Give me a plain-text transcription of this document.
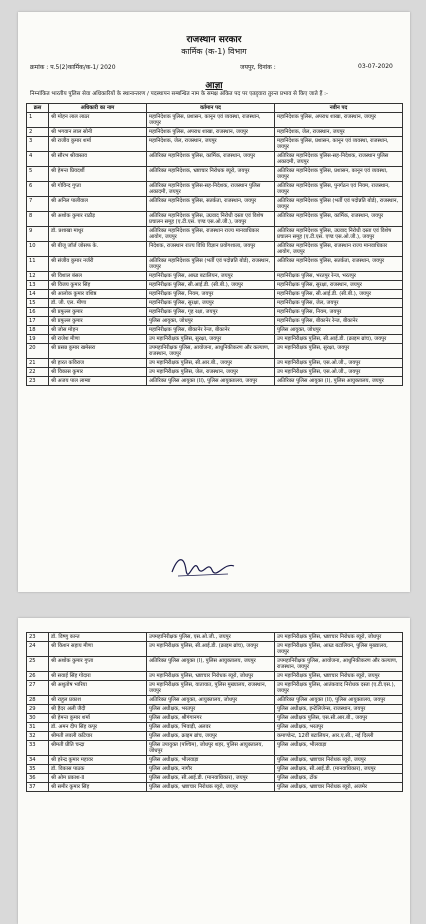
राजस्थान सरकार
कार्मिक (क-1) विभाग
क्रमांक : प.5(2)कार्मिक/क-1/ 2020	जयपुर, दिनांक :	03-07-2020
आज्ञा
निम्नांकित भारतीय पुलिस सेवा अधिकारियों के स्थानान्तरण / पदस्थापन सम्बन्धित नाम के समक्ष अंकित पद पर एतद्द्वारा तुरन्त प्रभाव से किए जाते हैं :-
क्रस	अधिकारी का नाम	वर्तमान पद	नवीन पद
1	श्री मोहन लाल लाठर	महानिदेशक पुलिस, प्रशासन, कानून एवं व्यवस्था, राजस्थान, जयपुर	महानिदेशक पुलिस, अपराध शाखा, राजस्थान, जयपुर
2	श्री भगवान लाल सोनी	महानिदेशक पुलिस, अपराध शाखा, राजस्थान, जयपुर	महानिदेशक, जेल, राजस्थान, जयपुर
3	श्री राजीव कुमार शर्मा	महानिदेशक, जेल, राजस्थान, जयपुर	महानिदेशक पुलिस, प्रशासन, कानून एवं व्यवस्था, राजस्थान, जयपुर
4	श्री सौरभ श्रीवास्तव	अतिरिक्त महानिदेशक पुलिस, कार्मिक, राजस्थान, जयपुर	अतिरिक्त महानिदेशक पुलिस-सह-निदेशक, राजस्थान पुलिस अकादमी, जयपुर
5	श्री हेमन्त प्रियदर्शी	अतिरिक्त महानिदेशक, भ्रष्टाचार निरोधक ब्यूरो, जयपुर	अतिरिक्त महानिदेशक पुलिस, प्रशासन, कानून एवं व्यवस्था, जयपुर
6	श्री गोविन्द गुप्ता	अतिरिक्त महानिदेशक पुलिस-सह-निदेशक, राजस्थान पुलिस अकादमी, जयपुर	अतिरिक्त महानिदेशक पुलिस, पुनर्गठन एवं नियम, राजस्थान, जयपुर
7	श्री अनिल पालीवाल	अतिरिक्त महानिदेशक पुलिस, सतर्कता, राजस्थान, जयपुर	अतिरिक्त महानिदेशक पुलिस (भर्ती एवं पदोन्नति बोर्ड), राजस्थान, जयपुर
8	श्री अशोक कुमार राठौड़	अतिरिक्त महानिदेशक पुलिस, उग्रवाद निरोधी दस्ता एवं विशेष प्रचालन समूह (ए.टी.एस. एण्ड एस.ओ.जी.), जयपुर	अतिरिक्त महानिदेशक पुलिस, कार्मिक, राजस्थान, जयपुर
9	डॉ. प्रशाखा माथुर	अतिरिक्त महानिदेशक पुलिस, राजस्थान राज्य मानवाधिकार आयोग, जयपुर	अतिरिक्त महानिदेशक पुलिस, उग्रवाद निरोधी दस्ता एवं विशेष प्रचालन समूह (ए.टी.एस. एण्ड एस.ओ.जी.), जयपुर
10	श्री बीजू जॉर्ज जोसफ के.	निदेशक, राजस्थान राज्य विधि विज्ञान प्रयोगशाला, जयपुर	अतिरिक्त महानिदेशक पुलिस, राजस्थान राज्य मानवाधिकार आयोग, जयपुर
11	श्री संजीव कुमार नर्जरी	अतिरिक्त महानिदेशक पुलिस (भर्ती एवं पदोन्नति बोर्ड), राजस्थान, जयपुर	अतिरिक्त महानिदेशक पुलिस, सतर्कता, राजस्थान, जयपुर
12	श्री विशाल बंसल	महानिरीक्षक पुलिस, आम्र्ड बटालियन, जयपुर	महानिरीक्षक पुलिस, भरतपुर रेन्ज, भरतपुर
13	श्री विजय कुमार सिंह	महानिरीक्षक पुलिस, सी.आई.डी. (सी.बी.), जयपुर	महानिरीक्षक पुलिस, सुरक्षा, राजस्थान, जयपुर
14	श्री आलोक कुमार वशिष्ठ	महानिरीक्षक पुलिस, नियम, जयपुर	महानिरीक्षक पुलिस, सी.आई.डी. (सी.बी.), जयपुर
15	डॉ. जी. एल. मीणा	महानिरीक्षक पुलिस, सुरक्षा, जयपुर	महानिरीक्षक पुलिस, जेल, जयपुर
16	श्री प्रफुल्ल कुमार	महानिरीक्षक पुलिस, गृह रक्षा, जयपुर	महानिरीक्षक पुलिस, नियम, जयपुर
17	श्री प्रफुल्ल कुमार	पुलिस आयुक्त, जोधपुर	महानिरीक्षक पुलिस, बीकानेर रेन्ज, बीकानेर
18	श्री जोस मोहन	महानिरीक्षक पुलिस, बीकानेर रेन्ज, बीकानेर	पुलिस आयुक्त, जोधपुर
19	श्री राजेश मीणा	उप महानिरीक्षक पुलिस, सुरक्षा, जयपुर	उप महानिरीक्षक पुलिस, सी.आई.डी. (क्राइम ब्रांच), जयपुर
20	श्री प्रसन्न कुमार खमेसरा	उपमहानिरीक्षक पुलिस, आयोजना, आधुनिकीकरण और कल्याण, राजस्थान, जयपुर	उप महानिरीक्षक पुलिस, सुरक्षा, जयपुर
21	श्री हारत कविराज	उप महानिरीक्षक पुलिस, सी.आर.बी., जयपुर	उप महानिरीक्षक पुलिस, एस.ओ.जी., जयपुर
22	श्री विकास कुमार	उप महानिरीक्षक पुलिस, जेल, राजस्थान, जयपुर	उप महानिरीक्षक पुलिस, एस.ओ.जी., जयपुर
23	श्री अजय पाल लाम्बा	अतिरिक्त पुलिस आयुक्त (II), पुलिस आयुक्तालय, जयपुर	अतिरिक्त पुलिस आयुक्त (I), पुलिस आयुक्तालय, जयपुर
23	डॉ. विष्णु कान्त	उपमहानिरीक्षक पुलिस, एस.ओ.जी., जयपुर	उप महानिरीक्षक पुलिस, भ्रष्टाचार निरोधक ब्यूरो, जोधपुर
24	श्री किशन सहाय मीणा	उप महानिरीक्षक पुलिस, सी.आई.डी. (क्राइम ब्रांच), जयपुर	उप महानिरीक्षक पुलिस, आम्र्ड बटालियन, पुलिस मुख्यालय, जयपुर
25	श्री अशोक कुमार गुप्ता	अतिरिक्त पुलिस आयुक्त (I), पुलिस आयुक्तालय, जयपुर	उपमहानिरीक्षक पुलिस, आयोजना, आधुनिकीकरण और कल्याण, राजस्थान, जयपुर
26	श्री सवाई सिंह गोदारा	उप महानिरीक्षक पुलिस, भ्रष्टाचार निरोधक ब्यूरो, जोधपुर	उप महानिरीक्षक पुलिस, भ्रष्टाचार निरोधक ब्यूरो, जयपुर
27	श्री अशुतोष भारिया	उप महानिरीक्षक पुलिस, यातायात, पुलिस मुख्यालय, राजस्थान, जयपुर	उप महानिरीक्षक पुलिस, आतंकवाद निरोधक दस्ता (ए.टी.एस.), जयपुर
28	श्री राहुल प्रकाश	अतिरिक्त पुलिस आयुक्त, आयुक्तालय, जोधपुर	अतिरिक्त पुलिस आयुक्त (II), पुलिस आयुक्तालय, जयपुर
29	श्री हैदर अली जैदी	पुलिस अधीक्षक, भरतपुर	पुलिस अधीक्षक, इन्टेलिजेन्स, राजस्थान, जयपुर
30	श्री हेमन्त कुमार शर्मा	पुलिस अधीक्षक, श्रीगंगानगर	पुलिस अधीक्षक पुलिस, एस.सी.आर.बी., जयपुर
31	डॉ. अमन दीप सिंह कपूर	पुलिस अधीक्षक, भिवाड़ी, अलवर	पुलिस अधीक्षक, भरतपुर
32	श्रीमती लवली कटियार	पुलिस अधीक्षक, क्राइम ब्रांच, जयपुर	कमाण्डेन्ट, 12वीं बटालियन, आर.ए.सी., नई दिल्ली
33	श्रीमती प्रीति चन्द्रा	पुलिस उपायुक्त (पश्चिम), जोधपुर शहर, पुलिस आयुक्तालय, जोधपुर	पुलिस अधीक्षक, भीलवाड़ा
34	श्री हरेन्द्र कुमार महावर	पुलिस अधीक्षक, भीलवाड़ा	पुलिस अधीक्षक, भ्रष्टाचार निरोधक ब्यूरो, जयपुर
35	डॉ. विकास पाठक	पुलिस अधीक्षक, नागौर	पुलिस अधीक्षक, सी.आई.डी. (मानवाधिकार), जयपुर
36	श्री ओम प्रकाश-II	पुलिस अधीक्षक, सी.आई.डी. (मानवाधिकार), जयपुर	पुलिस अधीक्षक, टोंक
37	श्री समीर कुमार सिंह	पुलिस अधीक्षक, भ्रष्टाचार निरोधक ब्यूरो, जयपुर	पुलिस अधीक्षक, भ्रष्टाचार निरोधक ब्यूरो, अजमेर
